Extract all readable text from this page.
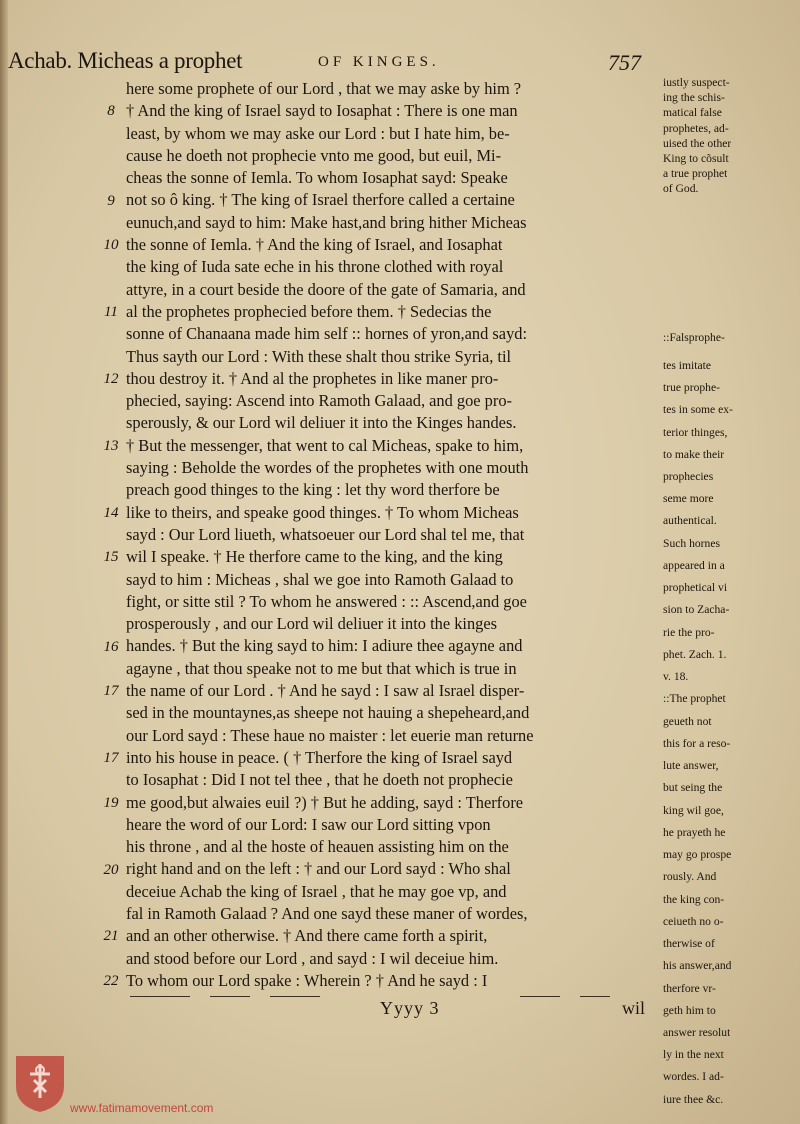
Achab. Micheas a prophet	OF KINGES.	757
here some prophete of our Lord , that we may aske by him ?
† And the king of Israel sayd to Iosaphat : There is one man
least, by whom we may aske our Lord : but I hate him, be-
cause he doeth not prophecie vnto me good, but euil, Mi-
cheas the sonne of Iemla. To whom Iosaphat sayd: Speake
not so ô king. † The king of Israel therfore called a certaine
eunuch,and sayd to him: Make hast,and bring hither Micheas
the sonne of Iemla. † And the king of Israel, and Iosaphat
the king of Iuda sate eche in his throne clothed with royal
attyre, in a court beside the doore of the gate of Samaria, and
al the prophetes prophecied before them. † Sedecias the
sonne of Chanaana made him self :: hornes of yron,and sayd:
Thus sayth our Lord : With these shalt thou strike Syria, til
thou destroy it. † And al the prophetes in like maner pro-
phecied, saying: Ascend into Ramoth Galaad, and goe pro-
sperously, & our Lord wil deliuer it into the Kinges handes.
† But the messenger, that went to cal Micheas, spake to him,
saying : Beholde the wordes of the prophetes with one mouth
preach good thinges to the king : let thy word therfore be
like to theirs, and speake good thinges. † To whom Micheas
sayd : Our Lord liueth, whatsoeuer our Lord shal tel me, that
wil I speake. † He therfore came to the king, and the king
sayd to him : Micheas , shal we goe into Ramoth Galaad to
fight, or sitte stil ? To whom he answered : :: Ascend,and goe
prosperously , and our Lord wil deliuer it into the kinges
handes. † But the king sayd to him: I adiure thee agayne and
agayne , that thou speake not to me but that which is true in
the name of our Lord . † And he sayd : I saw al Israel disper-
sed in the mountaynes,as sheepe not hauing a shepeheard,and
our Lord sayd : These haue no maister : let euerie man returne
into his house in peace. ( † Therfore the king of Israel sayd
to Iosaphat : Did I not tel thee , that he doeth not prophecie
me good,but alwaies euil ?) † But he adding, sayd : Therfore
heare the word of our Lord: I saw our Lord sitting vpon
his throne , and al the hoste of heauen assisting him on the
right hand and on the left : † and our Lord sayd : Who shal
deceiue Achab the king of Israel , that he may goe vp, and
fal in Ramoth Galaad ? And one sayd these maner of wordes,
and an other otherwise. † And there came forth a spirit,
and stood before our Lord , and sayd : I wil deceiue him.
To whom our Lord spake : Wherein ? † And he sayd : I
8
9
10
11
12
13
14
15
16
17
17
19
20
21
22
iustly suspect-
ing the schis-
matical false
prophetes, ad-
uised the other
King to cõsult
a true prophet
of God.
::Falsprophe-
tes imitate
true prophe-
tes in some ex-
terior thinges,
to make their
prophecies
seme more
authentical.
Such hornes
appeared in a
prophetical vi
sion to Zacha-
rie the pro-
phet. Zach. 1.
v. 18.
::The prophet
geueth not
this for a reso-
lute answer,
but seing the
king wil goe,
he prayeth he
may go prospe
rously. And
the king con-
ceiueth no o-
therwise of
his answer,and
therfore vr-
geth him to
answer resolut
ly in the next
wordes. I ad-
iure thee &c.
Yyyy 3	wil
www.fatimamovement.com
